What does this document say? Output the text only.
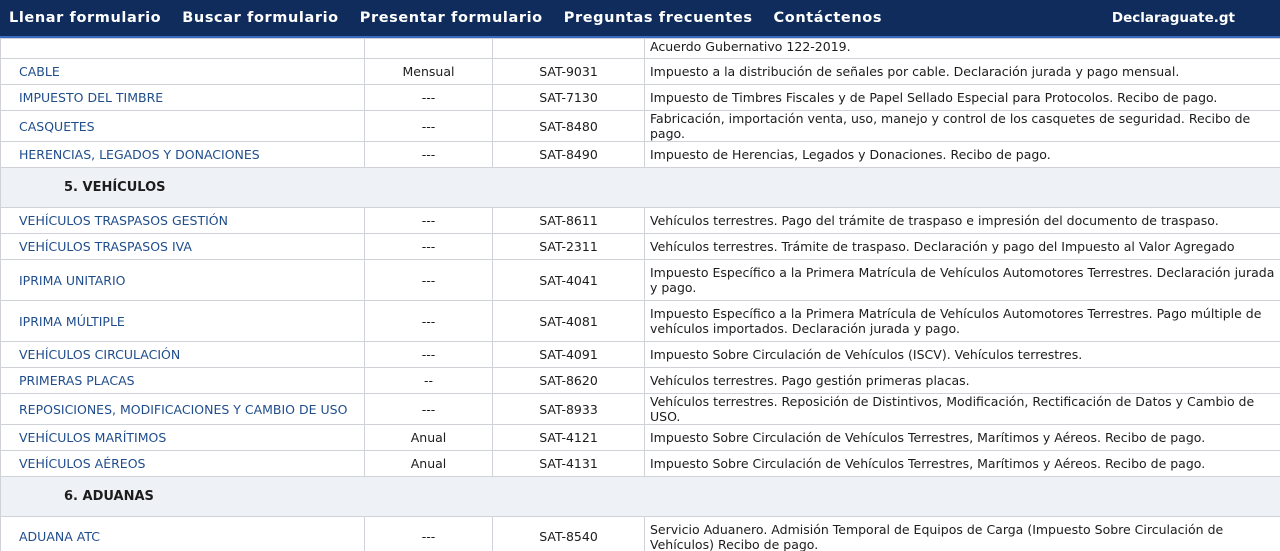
Llenar formulario Buscar formulario Presentar formulario Preguntas frecuentes Contáctenos	Declaraguate.gt
			Acuerdo Gubernativo 122-2019.
CABLE	Mensual	SAT-9031	Impuesto a la distribución de señales por cable. Declaración jurada y pago mensual.
IMPUESTO DEL TIMBRE	---	SAT-7130	Impuesto de Timbres Fiscales y de Papel Sellado Especial para Protocolos. Recibo de pago.
CASQUETES	---	SAT-8480	Fabricación, importación venta, uso, manejo y control de los casquetes de seguridad. Recibo de pago.
HERENCIAS, LEGADOS Y DONACIONES	---	SAT-8490	Impuesto de Herencias, Legados y Donaciones. Recibo de pago.
5. VEHÍCULOS			
VEHÍCULOS TRASPASOS GESTIÓN	---	SAT-8611	Vehículos terrestres. Pago del trámite de traspaso e impresión del documento de traspaso.
VEHÍCULOS TRASPASOS IVA	---	SAT-2311	Vehículos terrestres. Trámite de traspaso. Declaración y pago del Impuesto al Valor Agregado
IPRIMA UNITARIO	---	SAT-4041	Impuesto Específico a la Primera Matrícula de Vehículos Automotores Terrestres. Declaración jurada y pago.
IPRIMA MÚLTIPLE	---	SAT-4081	Impuesto Específico a la Primera Matrícula de Vehículos Automotores Terrestres. Pago múltiple de vehículos importados. Declaración jurada y pago.
VEHÍCULOS CIRCULACIÓN	---	SAT-4091	Impuesto Sobre Circulación de Vehículos (ISCV). Vehículos terrestres.
PRIMERAS PLACAS	--	SAT-8620	Vehículos terrestres. Pago gestión primeras placas.
REPOSICIONES, MODIFICACIONES Y CAMBIO DE USO	---	SAT-8933	Vehículos terrestres. Reposición de Distintivos, Modificación, Rectificación de Datos y Cambio de USO.
VEHÍCULOS MARÍTIMOS	Anual	SAT-4121	Impuesto Sobre Circulación de Vehículos Terrestres, Marítimos y Aéreos. Recibo de pago.
VEHÍCULOS AÉREOS	Anual	SAT-4131	Impuesto Sobre Circulación de Vehículos Terrestres, Marítimos y Aéreos. Recibo de pago.
6. ADUANAS			
ADUANA ATC	---	SAT-8540	Servicio Aduanero. Admisión Temporal de Equipos de Carga (Impuesto Sobre Circulación de Vehículos) Recibo de pago.
